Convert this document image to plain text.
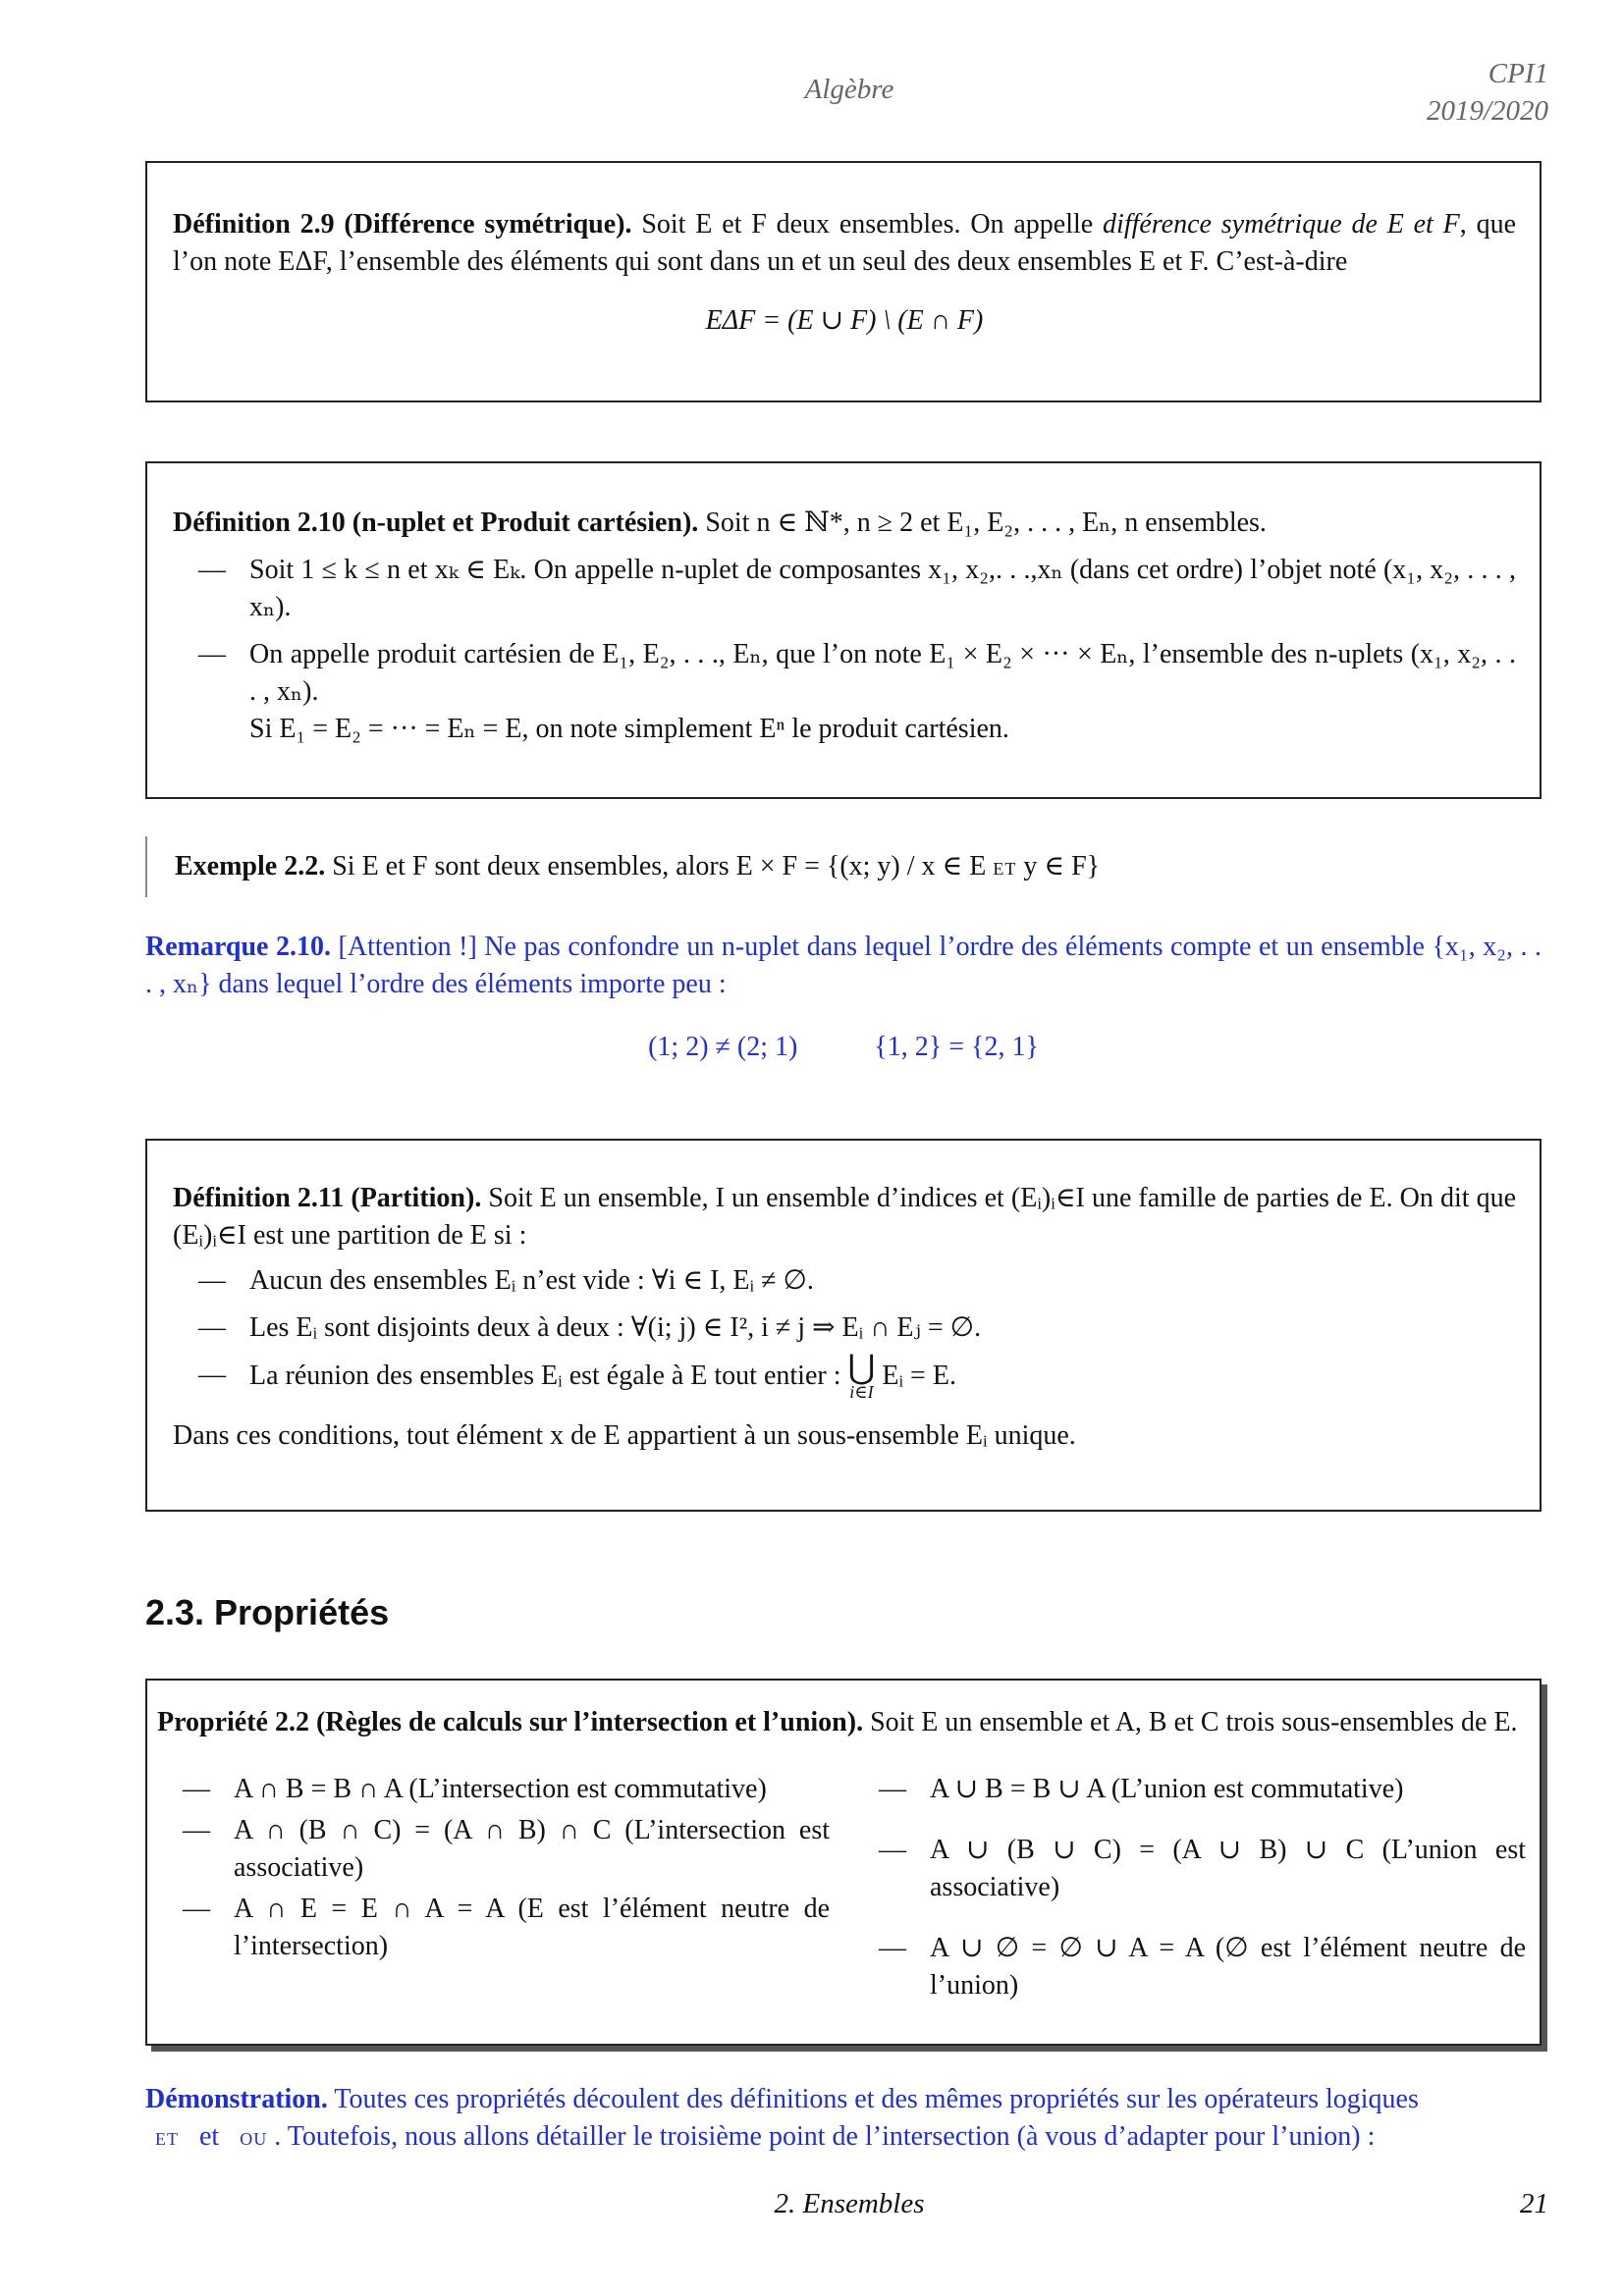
Algèbre	CPI1
2019/2020

Définition 2.9 (Différence symétrique). Soit E et F deux ensembles. On appelle différence symétrique de E et F, que l’on note EΔF, l’ensemble des éléments qui sont dans un et un seul des deux ensembles E et F. C’est-à-dire

EΔF = (E ∪ F) \ (E ∩ F)

Définition 2.10 (n-uplet et Produit cartésien). Soit n ∈ ℕ*, n ≥ 2 et E₁, E₂, . . . , Eₙ, n ensembles.

— Soit 1 ≤ k ≤ n et xₖ ∈ Eₖ. On appelle n-uplet de composantes x₁, x₂,. . .,xₙ (dans cet ordre) l’objet noté (x₁, x₂, . . . , xₙ).
— On appelle produit cartésien de E₁, E₂, . . ., Eₙ, que l’on note E₁ × E₂ × ··· × Eₙ, l’ensemble des n-uplets (x₁, x₂, . . . , xₙ).
Si E₁ = E₂ = ··· = Eₙ = E, on note simplement Eⁿ le produit cartésien.

Exemple 2.2. Si E et F sont deux ensembles, alors E × F = {(x; y) / x ∈ E et y ∈ F}

Remarque 2.10. [Attention !] Ne pas confondre un n-uplet dans lequel l’ordre des éléments compte et un ensemble {x₁, x₂, . . . , xₙ} dans lequel l’ordre des éléments importe peu :

(1; 2) ≠ (2; 1)	{1, 2} = {2, 1}

Définition 2.11 (Partition). Soit E un ensemble, I un ensemble d’indices et (Eᵢ)ᵢ∈I une famille de parties de E. On dit que (Eᵢ)ᵢ∈I est une partition de E si :

— Aucun des ensembles Eᵢ n’est vide : ∀i ∈ I, Eᵢ ≠ ∅.
— Les Eᵢ sont disjoints deux à deux : ∀(i; j) ∈ I², i ≠ j ⇒ Eᵢ ∩ Eⱼ = ∅.
— La réunion des ensembles Eᵢ est égale à E tout entier : ⋃
i∈I
Eᵢ = E.

Dans ces conditions, tout élément x de E appartient à un sous-ensemble Eᵢ unique.

2.3. Propriétés

Propriété 2.2 (Règles de calculs sur l’intersection et l’union). Soit E un ensemble et A, B et C trois sous-ensembles de E.

— A ∩ B = B ∩ A (L’intersection est commutative)
— A ∩ (B ∩ C) = (A ∩ B) ∩ C (L’intersection est associative)
— A ∩ E = E ∩ A = A (E est l’élément neutre de l’intersection)
— A ∪ B = B ∪ A (L’union est commutative)
— A ∪ (B ∪ C) = (A ∪ B) ∪ C (L’union est associative)
— A ∪ ∅ = ∅ ∪ A = A (∅ est l’élément neutre de l’union)

Démonstration. Toutes ces propriétés découlent des définitions et des mêmes propriétés sur les opérateurs logiques
et et ou . Toutefois, nous allons détailler le troisième point de l’intersection (à vous d’adapter pour l’union) :

2. Ensembles	21
